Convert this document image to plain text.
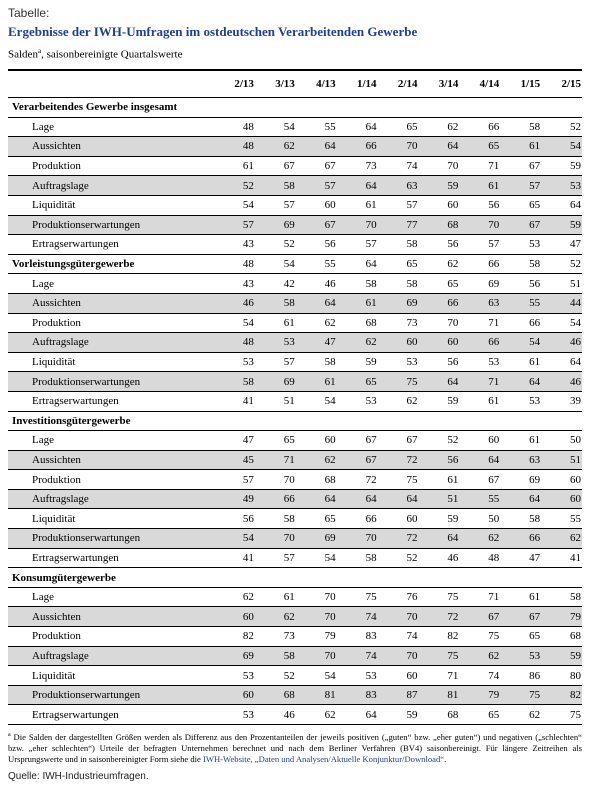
Tabelle:
Ergebnisse der IWH-Umfragen im ostdeutschen Verarbeitenden Gewerbe
Salden$^a$, saisonbereinigte Quartalswerte
2/13	3/13	4/13	1/14	2/14	3/14	4/14	1/15	2/15
Verarbeitendes Gewerbe insgesamt
Lage	48	54	55	64	65	62	66	58	52
Aussichten	48	62	64	66	70	64	65	61	54
Produktion	61	67	67	73	74	70	71	67	59
Auftragslage	52	58	57	64	63	59	61	57	53
Liquidität	54	57	60	61	57	60	56	65	64
Produktionserwartungen	57	69	67	70	77	68	70	67	59
Ertragserwartungen	43	52	56	57	58	56	57	53	47
Vorleistungsgütergewerbe	48	54	55	64	65	62	66	58	52
Lage	43	42	46	58	58	65	69	56	51
Aussichten	46	58	64	61	69	66	63	55	44
Produktion	54	61	62	68	73	70	71	66	54
Auftragslage	48	53	47	62	60	60	66	54	46
Liquidität	53	57	58	59	53	56	53	61	64
Produktionserwartungen	58	69	61	65	75	64	71	64	46
Ertragserwartungen	41	51	54	53	62	59	61	53	39
Investitionsgütergewerbe
Lage	47	65	60	67	67	52	60	61	50
Aussichten	45	71	62	67	72	56	64	63	51
Produktion	57	70	68	72	75	61	67	69	60
Auftragslage	49	66	64	64	64	51	55	64	60
Liquidität	56	58	65	66	60	59	50	58	55
Produktionserwartungen	54	70	69	70	72	64	62	66	62
Ertragserwartungen	41	57	54	58	52	46	48	47	41
Konsumgütergewerbe
Lage	62	61	70	75	76	75	71	61	58
Aussichten	60	62	70	74	70	72	67	67	79
Produktion	82	73	79	83	74	82	75	65	68
Auftragslage	69	58	70	74	70	75	62	53	59
Liquidität	53	52	54	53	60	71	74	86	80
Produktionserwartungen	60	68	81	83	87	81	79	75	82
Ertragserwartungen	53	46	62	64	59	68	65	62	75
$^a$ Die Salden der dargestellten Größen werden als Differenz aus den Prozentanteilen der jeweils positiven („guten“ bzw. „eher guten“) und negativen („schlechten“ bzw. „eher schlechten“) Urteile der befragten Unternehmen berechnet und nach dem Berliner Verfahren (BV4) saisonbereinigt. Für längere Zeitreihen als Ursprungswerte und in saisonbereinigter Form siehe die IWH-Website, „Daten und Analysen/Aktuelle Konjunktur/Download“.
Quelle: IWH-Industrieumfragen.
